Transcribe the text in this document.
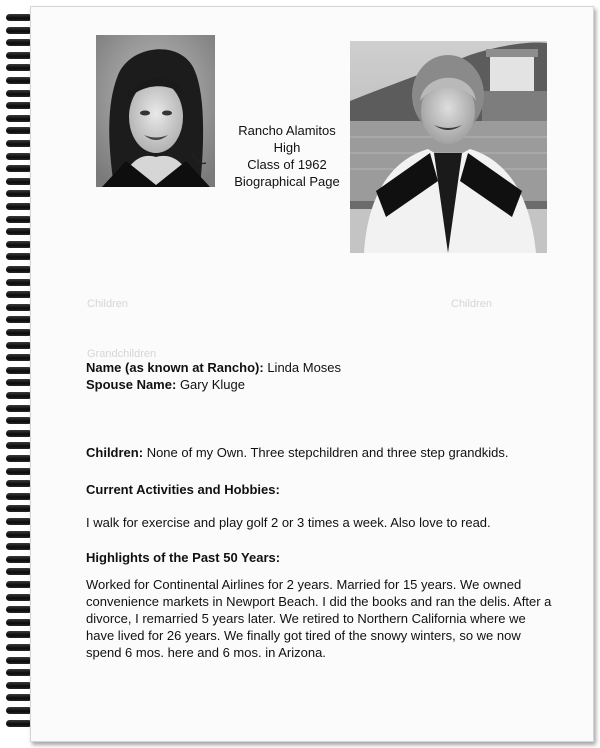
Children
Grandchildren
Children
Rancho Alamitos
High
Class of 1962
Biographical Page
Name (as known at Rancho): Linda Moses
Spouse Name: Gary Kluge
Children: None of my Own. Three stepchildren and three step grandkids.
Current Activities and Hobbies:
I walk for exercise and play golf 2 or 3 times a week. Also love to read.
Highlights of the Past 50 Years:
Worked for Continental Airlines for 2 years. Married for 15 years. We owned convenience markets in Newport Beach. I did the books and ran the delis. After a divorce, I remarried 5 years later. We retired to Northern California where we have lived for 26 years. We finally got tired of the snowy winters, so we now spend 6 mos. here and 6 mos. in Arizona.
